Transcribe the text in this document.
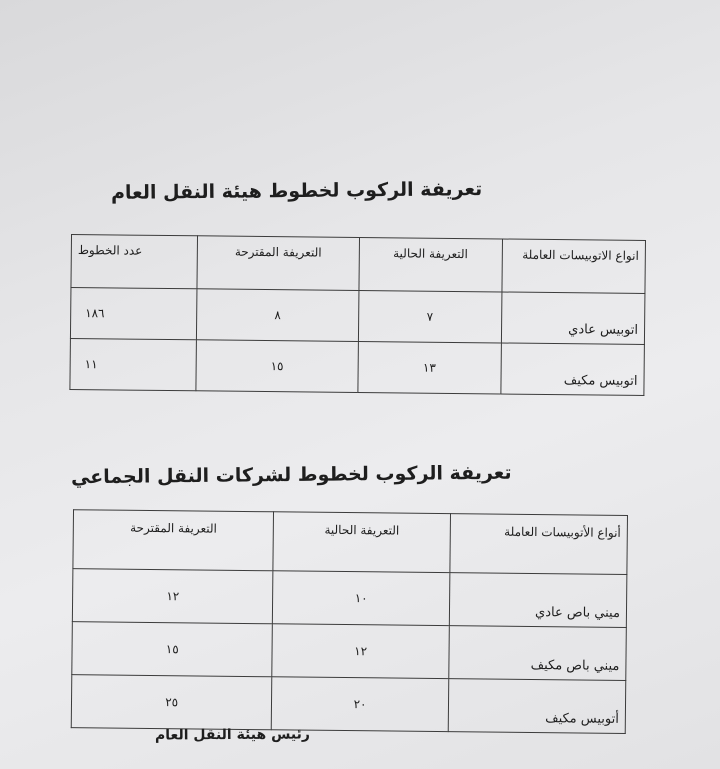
تعريفة الركوب لخطوط هيئة النقل العام
انواع الاتوبيسات العاملة	التعريفة الحالية	التعريفة المقترحة	عدد الخطوط
اتوبيس عادي	٧	٨	١٨٦
اتوبيس مكيف	١٣	١٥	١١
تعريفة الركوب لخطوط لشركات النقل الجماعي
أنواع الأتوبيسات العاملة	التعريفة الحالية	التعريفة المقترحة
ميني باص عادي	١٠	١٢
ميني باص مكيف	١٢	١٥
أتوبيس مكيف	٢٠	٢٥
رئيس هيئة النقل العام
